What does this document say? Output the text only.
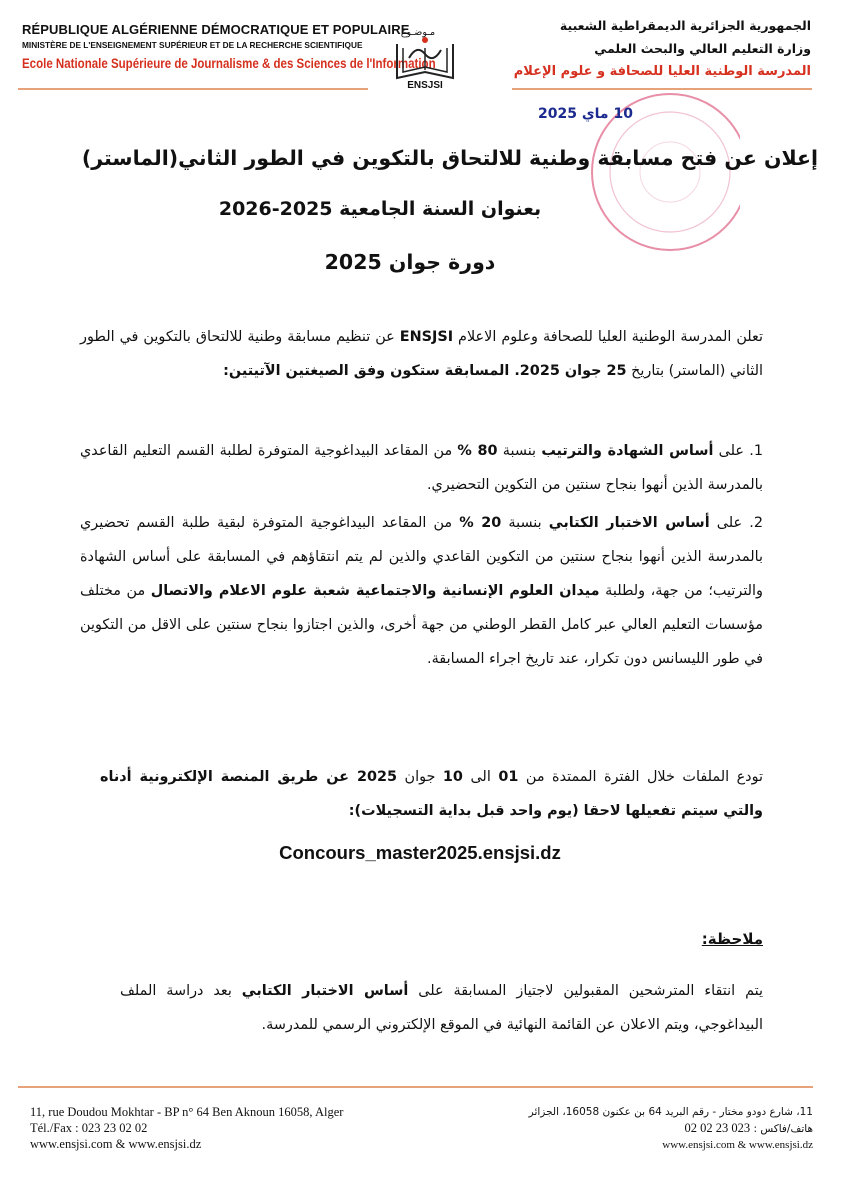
RÉPUBLIQUE ALGÉRIENNE DÉMOCRATIQUE ET POPULAIRE
MINISTÈRE DE L'ENSEIGNEMENT SUPÉRIEUR ET DE LA RECHERCHE SCIENTIFIQUE
Ecole Nationale Supérieure de Journalisme & des Sciences de l'Information
مـوضـوع
ENSJSI
الجمهورية الجزائرية الديمقراطية الشعبية
وزارة التعليم العالي والبحث العلمي
المدرسة الوطنية العليا للصحافة و علوم الإعلام
10 ماي 2025
إعلان عن فتح مسابقة وطنية للالتحاق بالتكوين في الطور الثاني(الماستر)
بعنوان السنة الجامعية 2025-2026
دورة جوان 2025
تعلن المدرسة الوطنية العليا للصحافة وعلوم الاعلام ENSJSI عن تنظيم مسابقة وطنية للالتحاق بالتكوين في الطور الثاني (الماستر) بتاريخ 25 جوان 2025. المسابقة ستكون وفق الصيغتين الآتيتين:
1. على أساس الشهادة والترتيب بنسبة 80 % من المقاعد البيداغوجية المتوفرة لطلبة القسم التعليم القاعدي بالمدرسة الذين أنهوا بنجاح سنتين من التكوين التحضيري.
2. على أساس الاختبار الكتابي بنسبة 20 % من المقاعد البيداغوجية المتوفرة لبقية طلبة القسم تحضيري بالمدرسة الذين أنهوا بنجاح سنتين من التكوين القاعدي والذين لم يتم انتقاؤهم في المسابقة على أساس الشهادة والترتيب؛ من جهة، ولطلبة ميدان العلوم الإنسانية والاجتماعية شعبة علوم الاعلام والاتصال من مختلف مؤسسات التعليم العالي عبر كامل القطر الوطني من جهة أخرى، والذين اجتازوا بنجاح سنتين على الاقل من التكوين في طور الليسانس دون تكرار، عند تاريخ اجراء المسابقة.
تودع الملفات خلال الفترة الممتدة من 01 الى 10 جوان 2025 عن طريق المنصة الإلكترونية أدناه والتي سيتم تفعيلها لاحقا (يوم واحد قبل بداية التسجيلات):
Concours_master2025.ensjsi.dz
ملاحظة:
يتم انتقاء المترشحين المقبولين لاجتياز المسابقة على أساس الاختبار الكتابي بعد دراسة الملف البيداغوجي، ويتم الاعلان عن القائمة النهائية في الموقع الإلكتروني الرسمي للمدرسة.
11, rue Doudou Mokhtar - BP n° 64 Ben Aknoun 16058, Alger
Tél./Fax : 023 23 02 02
www.ensjsi.com & www.ensjsi.dz
11، شارع دودو مختار - رقم البريد 64 بن عكنون 16058، الجزائر
هاتف/فاكس : 023 23 02 02
www.ensjsi.com & www.ensjsi.dz
